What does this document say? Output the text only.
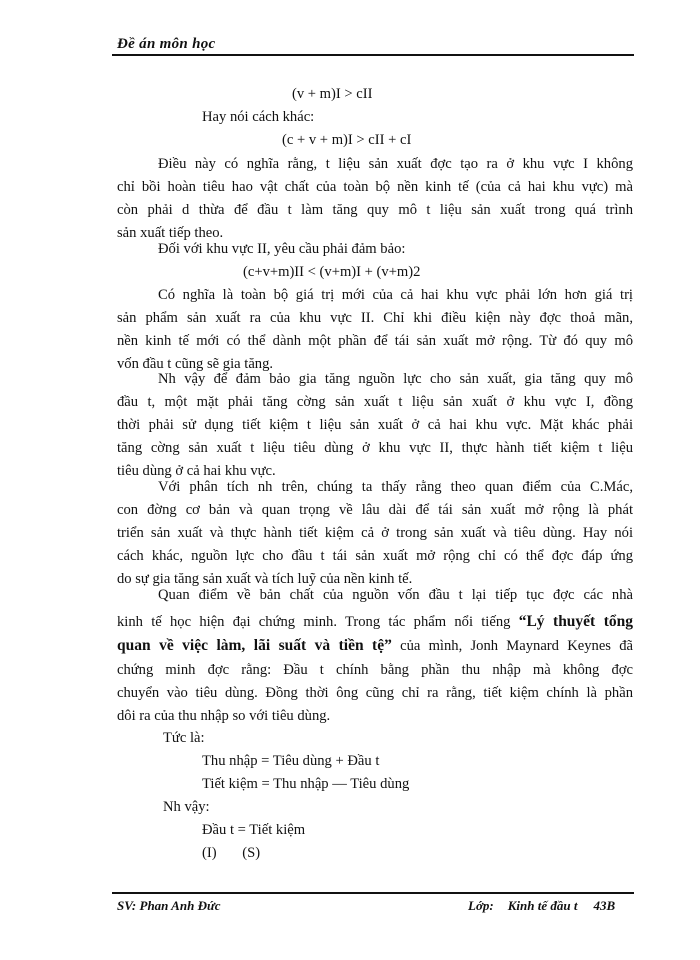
Đề án môn học
(v + m)I > cII
Hay nói cách khác:
(c + v + m)I > cII + cI
Điều này có nghĩa rằng, t liệu sản xuất đợc tạo ra ở khu vực I không
chỉ bồi hoàn tiêu hao vật chất của toàn bộ nền kinh tế (của cả hai khu vực) mà
còn phải d thừa để đầu t làm tăng quy mô t liệu sản xuất trong quá trình
sản xuất tiếp theo.
Đối với khu vực II, yêu cầu phải đảm bảo:
(c+v+m)II < (v+m)I + (v+m)2
Có nghĩa là toàn bộ giá trị mới của cả hai khu vực phải lớn hơn giá trị
sản phẩm sản xuất ra của khu vực II. Chỉ khi điều kiện này đợc thoả mãn,
nền kinh tế mới có thể dành một phần để tái sản xuất mở rộng. Từ đó quy mô
vốn đầu t cũng sẽ gia tăng.
Nh vậy để đảm bảo gia tăng nguồn lực cho sản xuất, gia tăng quy mô
đầu t, một mặt phải tăng cờng sản xuất t liệu sản xuất ở khu vực I, đồng
thời phải sử dụng tiết kiệm t liệu sản xuất ở cả hai khu vực. Mặt khác phải
tăng cờng sản xuất t liệu tiêu dùng ở khu vực II, thực hành tiết kiệm t liệu
tiêu dùng ở cả hai khu vực.
Với phân tích nh trên, chúng ta thấy rằng theo quan điểm của C.Mác,
con đờng cơ bản và quan trọng về lâu dài để tái sản xuất mở rộng là phát
triển sản xuất và thực hành tiết kiệm cả ở trong sản xuất và tiêu dùng. Hay nói
cách khác, nguồn lực cho đầu t tái sản xuất mở rộng chỉ có thể đợc đáp ứng
do sự gia tăng sản xuất và tích luỹ của nền kinh tế.
Quan điểm về bản chất của nguồn vốn đầu t lại tiếp tục đợc các nhà
kinh tế học hiện đại chứng minh. Trong tác phẩm nổi tiếng “Lý thuyết tổng
quan về việc làm, lãi suất và tiền tệ” của mình, Jonh Maynard Keynes đã
chứng minh đợc rằng: Đầu t chính bằng phần thu nhập mà không đợc
chuyển vào tiêu dùng. Đồng thời ông cũng chỉ ra rằng, tiết kiệm chính là phần
dôi ra của thu nhập so với tiêu dùng.
Tức là:
Thu nhập = Tiêu dùng + Đầu t
Tiết kiệm = Thu nhập — Tiêu dùng
Nh vậy:
Đầu t = Tiết kiệm
(I) (S)
SV: Phan Anh Đức	Lớp: Kinh tế đầu t 43B
